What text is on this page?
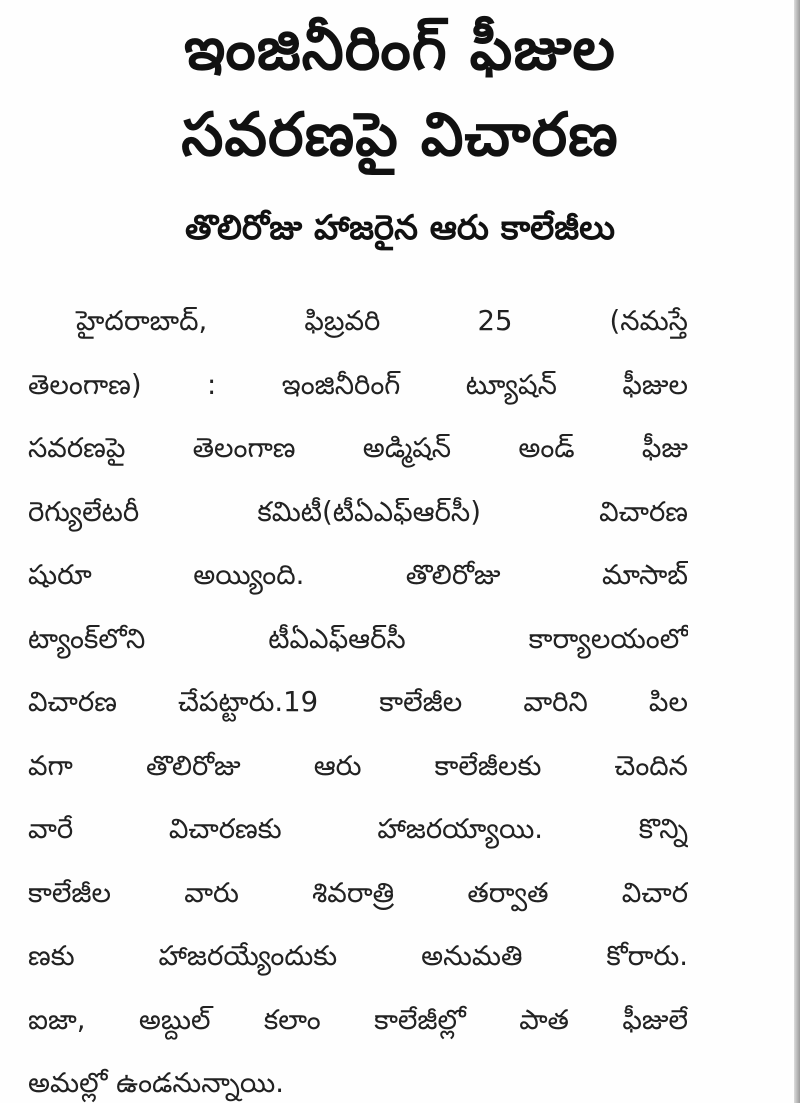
ఇంజినీరింగ్ ఫీజుల
సవరణపై విచారణ
తొలిరోజు హాజరైన ఆరు కాలేజీలు
హైదరాబాద్, ఫిబ్రవరి 25 (నమస్తే
తెలంగాణ) : ఇంజినీరింగ్ ట్యూషన్ ఫీజుల
సవరణపై తెలంగాణ అడ్మిషన్ అండ్ ఫీజు
రెగ్యులేటరీ కమిటీ(టీఏఎఫ్‌ఆర్‌సీ) విచారణ
షురూ అయ్యింది. తొలిరోజు మాసాబ్
ట్యాంక్‌లోని టీఏఎఫ్‌ఆర్‌సీ కార్యాలయంలో
విచారణ చేపట్టారు.19 కాలేజీల వారిని పిల
వగా తొలిరోజు ఆరు కాలేజీలకు చెందిన
వారే విచారణకు హాజరయ్యాయి. కొన్ని
కాలేజీల వారు శివరాత్రి తర్వాత విచార
ణకు హాజరయ్యేందుకు అనుమతి కోరారు.
ఐజా, అబ్దుల్ కలాం కాలేజీల్లో పాత ఫీజులే
అమల్లో ఉండనున్నాయి.
